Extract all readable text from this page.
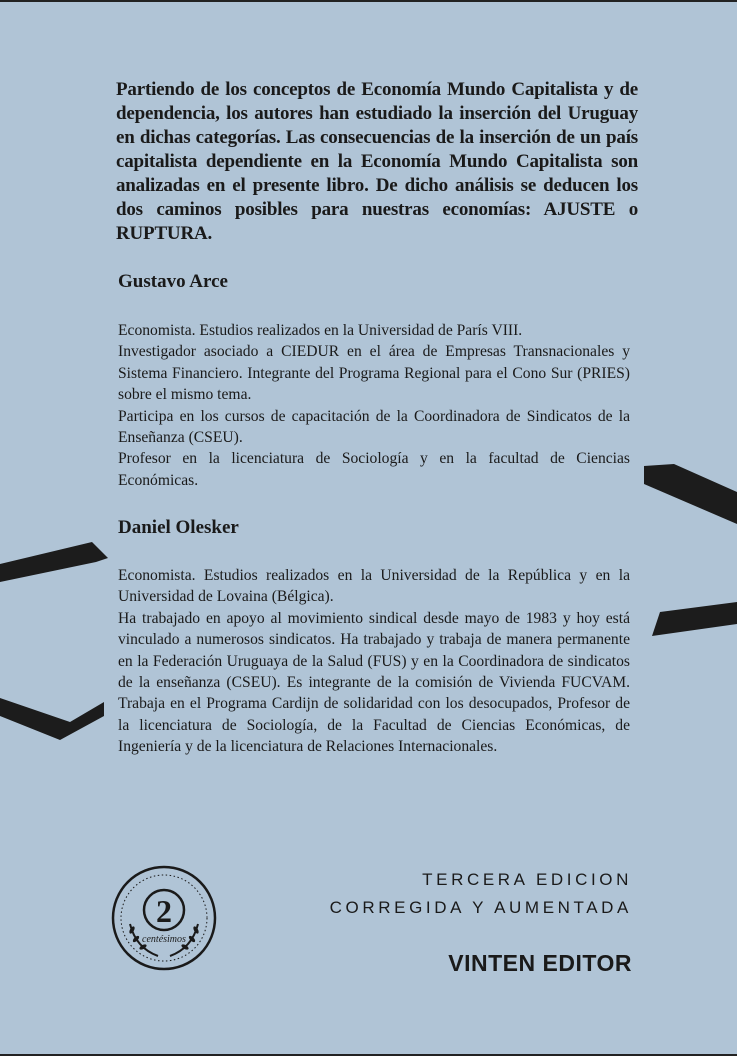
Partiendo de los conceptos de Economía Mundo Capitalista y de dependencia, los autores han estudiado la inserción del Uruguay en dichas categorías. Las consecuencias de la inserción de un país capitalista dependiente en la Economía Mundo Capitalista son analizadas en el presente libro. De dicho análisis se deducen los dos caminos posibles para nuestras economías: AJUSTE o RUPTURA.
Gustavo Arce

Economista. Estudios realizados en la Universidad de París VIII.

Investigador asociado a CIEDUR en el área de Empresas Transnacionales y Sistema Financiero. Integrante del Programa Regional para el Cono Sur (PRIES) sobre el mismo tema.

Participa en los cursos de capacitación de la Coordinadora de Sindicatos de la Enseñanza (CSEU).

Profesor en la licenciatura de Sociología y en la facultad de Ciencias Económicas.

Daniel Olesker

Economista. Estudios realizados en la Universidad de la República y en la Universidad de Lovaina (Bélgica).

Ha trabajado en apoyo al movimiento sindical desde mayo de 1983 y hoy está vinculado a numerosos sindicatos. Ha trabajado y trabaja de manera permanente en la Federación Uruguaya de la Salud (FUS) y en la Coordinadora de sindicatos de la enseñanza (CSEU). Es integrante de la comisión de Vivienda FUCVAM. Trabaja en el Programa Cardijn de solidaridad con los desocupados, Profesor de la licenciatura de Sociología, de la Facultad de Ciencias Económicas, de Ingeniería y de la licenciatura de Relaciones Internacionales.

2
centésimos
TERCERA EDICION
CORREGIDA Y AUMENTADA
VINTEN EDITOR
